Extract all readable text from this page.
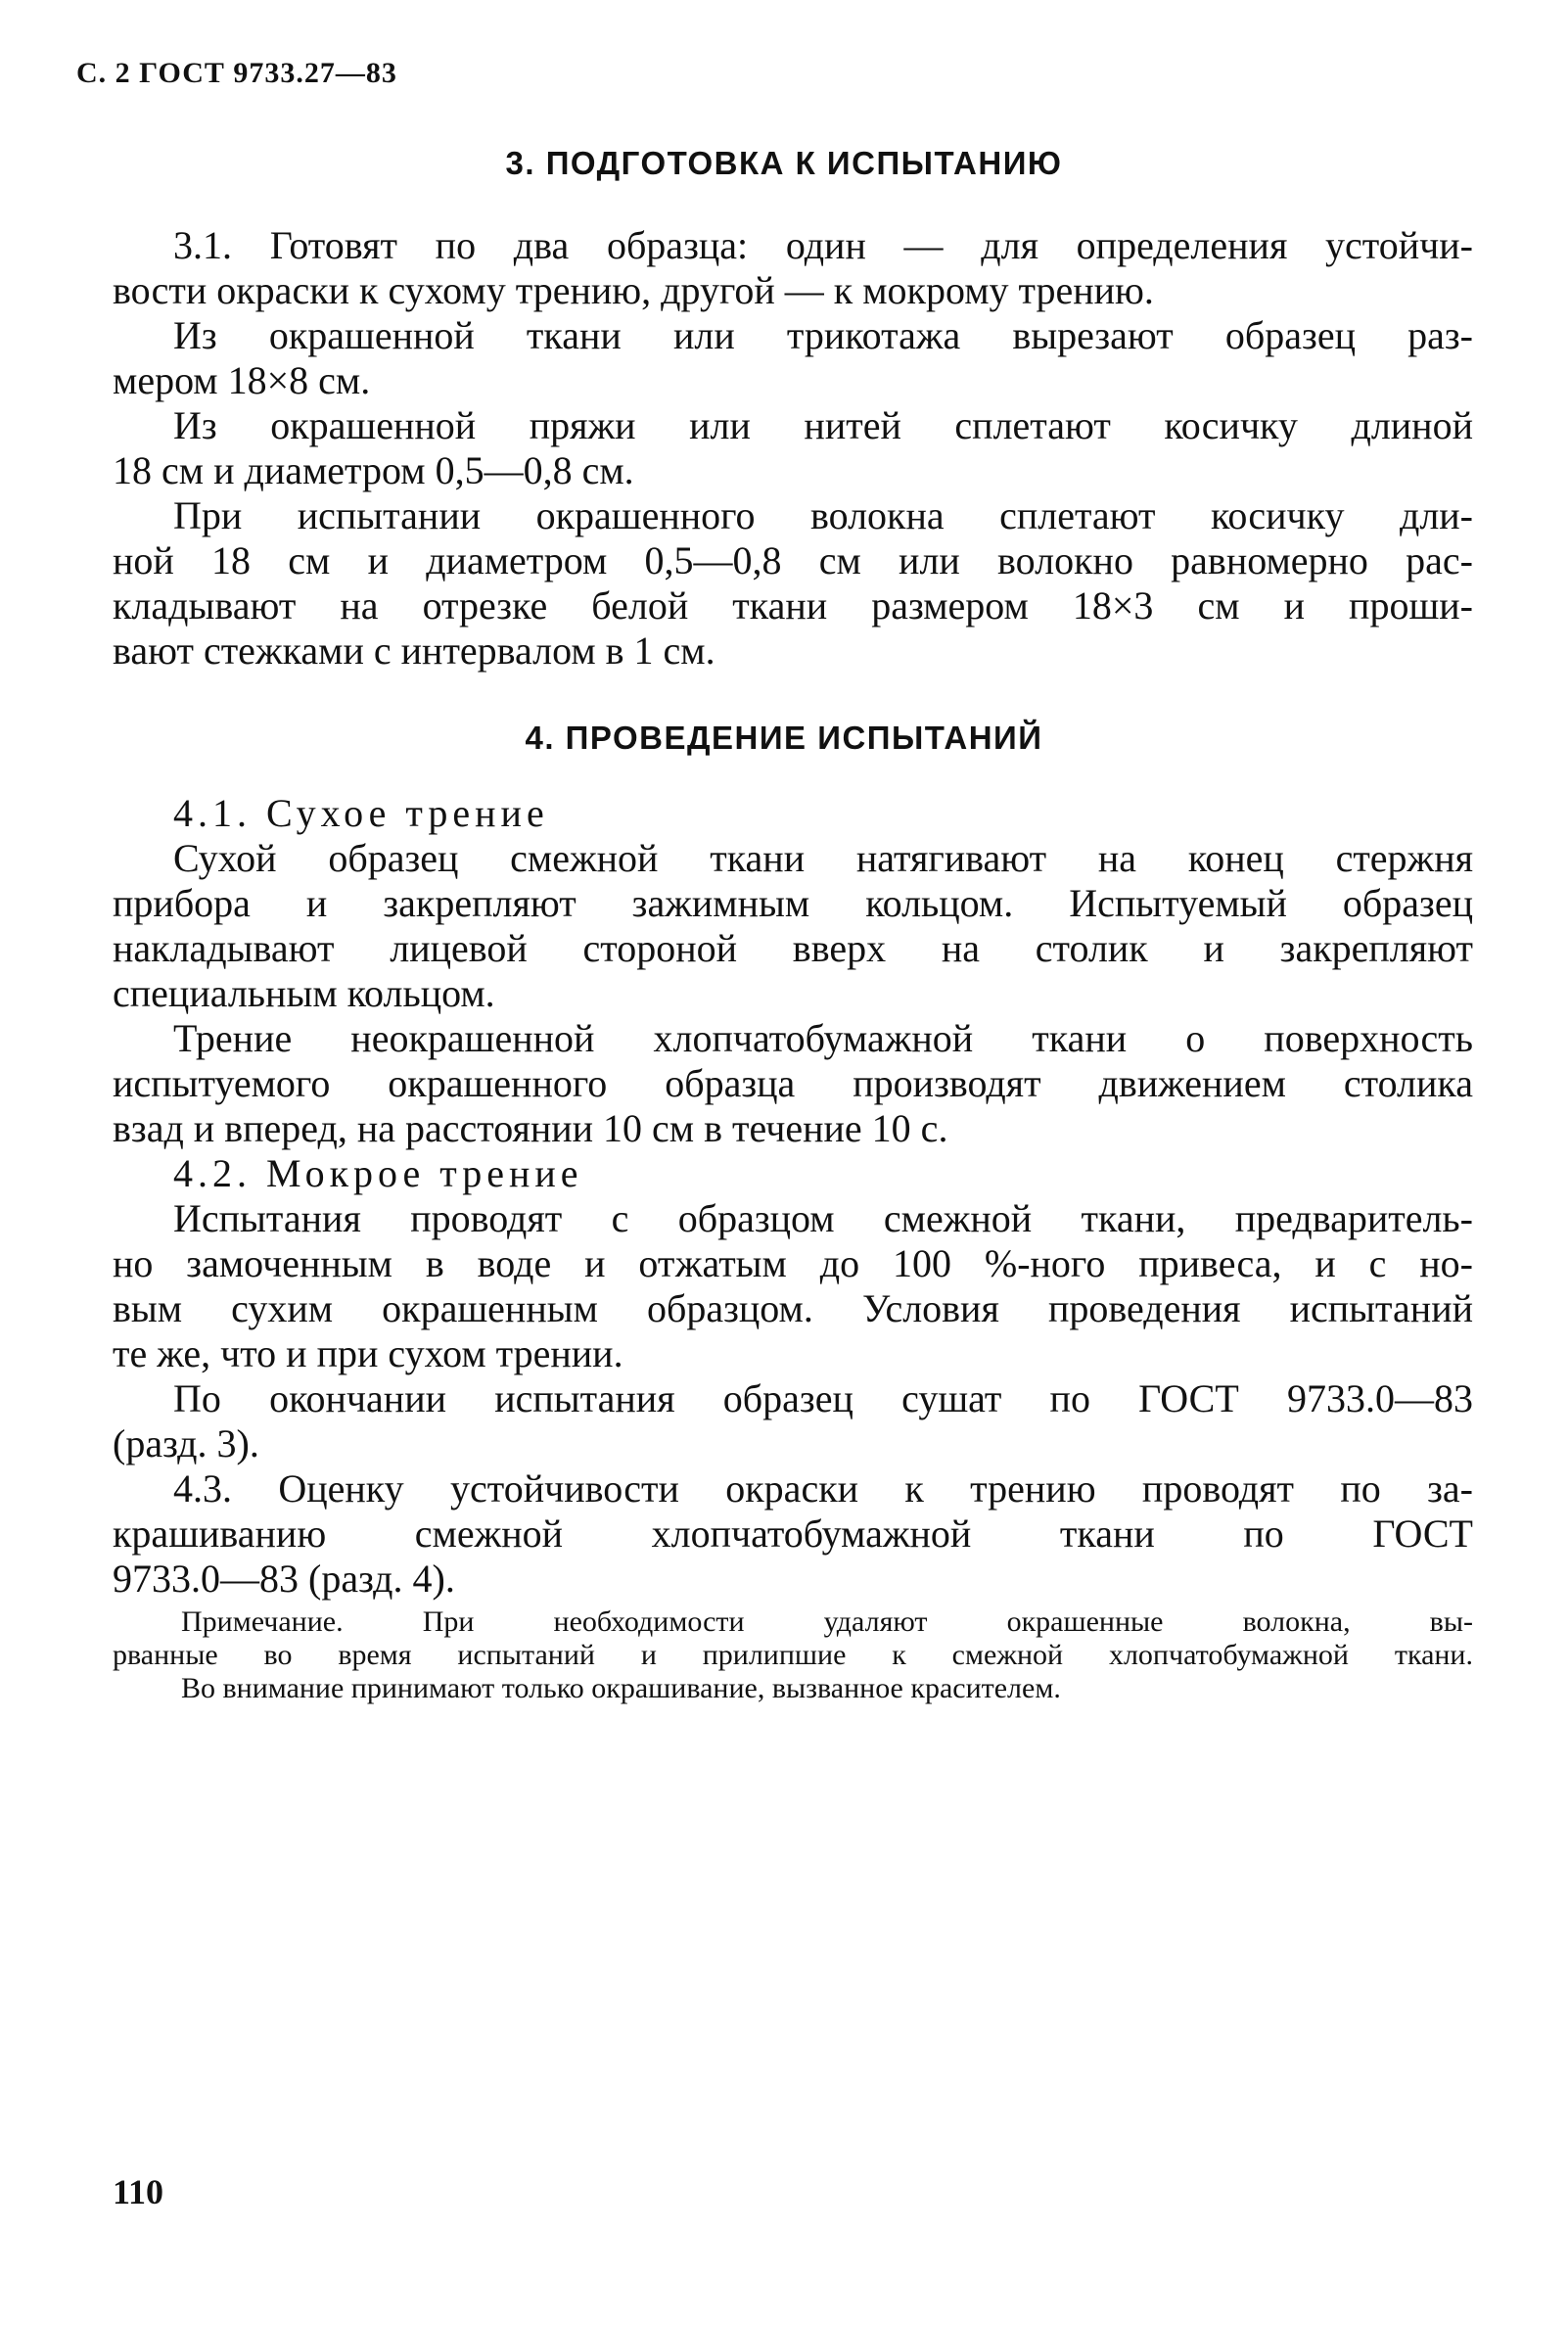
С. 2 ГОСТ 9733.27—83
3. ПОДГОТОВКА К ИСПЫТАНИЮ
3.1. Готовят по два образца: один — для определения устойчи-
вости окраски к сухому трению, другой — к мокрому трению.
Из окрашенной ткани или трикотажа вырезают образец раз-
мером 18×8 см.
Из окрашенной пряжи или нитей сплетают косичку длиной
18 см и диаметром 0,5—0,8 см.
При испытании окрашенного волокна сплетают косичку дли-
ной 18 см и диаметром 0,5—0,8 см или волокно равномерно рас-
кладывают на отрезке белой ткани размером 18×3 см и проши-
вают стежками с интервалом в 1 см.
4. ПРОВЕДЕНИЕ ИСПЫТАНИЙ
4.1. Сухое трение
Сухой образец смежной ткани натягивают на конец стержня
прибора и закрепляют зажимным кольцом. Испытуемый образец
накладывают лицевой стороной вверх на столик и закрепляют
специальным кольцом.
Трение неокрашенной хлопчатобумажной ткани о поверхность
испытуемого окрашенного образца производят движением столика
взад и вперед, на расстоянии 10 см в течение 10 с.
4.2. Мокрое трение
Испытания проводят с образцом смежной ткани, предваритель-
но замоченным в воде и отжатым до 100 %-ного привеса, и с но-
вым сухим окрашенным образцом. Условия проведения испытаний
те же, что и при сухом трении.
По окончании испытания образец сушат по ГОСТ 9733.0—83
(разд. 3).
4.3. Оценку устойчивости окраски к трению проводят по за-
крашиванию смежной хлопчатобумажной ткани по ГОСТ
9733.0—83 (разд. 4).
Примечание. При необходимости удаляют окрашенные волокна, вы-
рванные во время испытаний и прилипшие к смежной хлопчатобумажной ткани.
Во внимание принимают только окрашивание, вызванное красителем.
110
